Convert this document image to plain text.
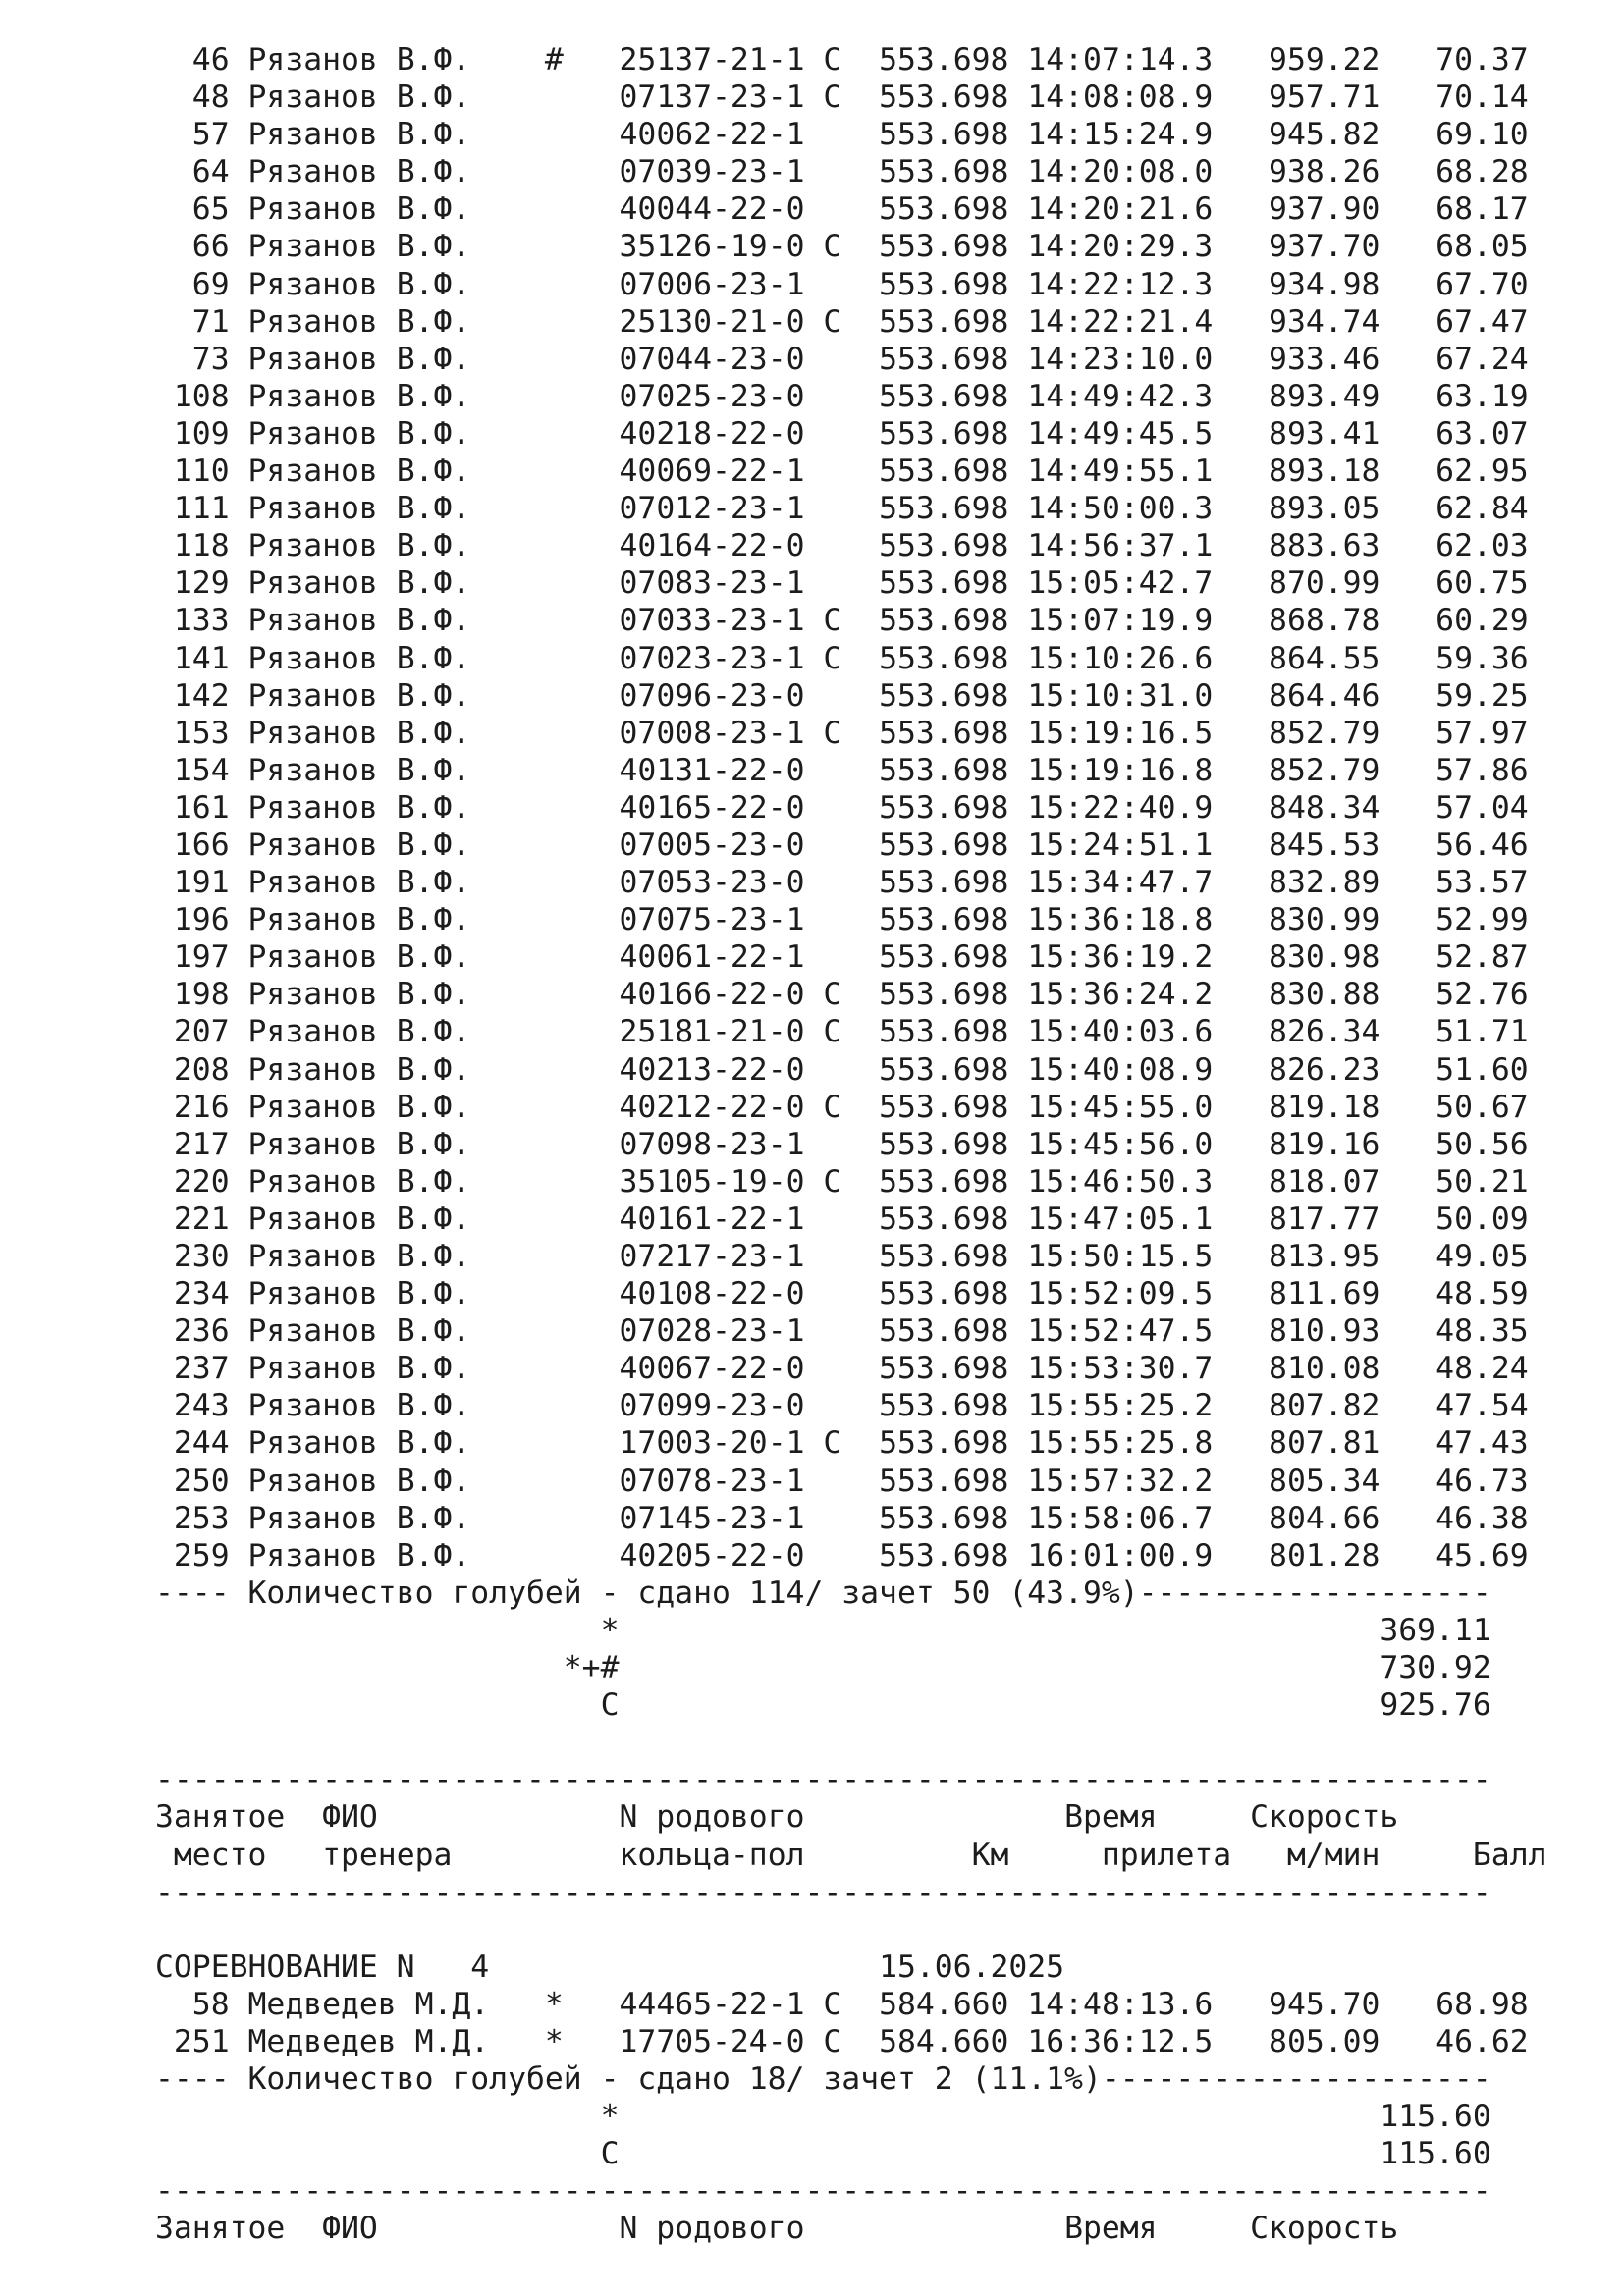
46 Рязанов В.Ф.    #   25137-21-1 С  553.698 14:07:14.3   959.22   70.37
48 Рязанов В.Ф.        07137-23-1 С  553.698 14:08:08.9   957.71   70.14
57 Рязанов В.Ф.        40062-22-1    553.698 14:15:24.9   945.82   69.10
64 Рязанов В.Ф.        07039-23-1    553.698 14:20:08.0   938.26   68.28
65 Рязанов В.Ф.        40044-22-0    553.698 14:20:21.6   937.90   68.17
66 Рязанов В.Ф.        35126-19-0 С  553.698 14:20:29.3   937.70   68.05
69 Рязанов В.Ф.        07006-23-1    553.698 14:22:12.3   934.98   67.70
71 Рязанов В.Ф.        25130-21-0 С  553.698 14:22:21.4   934.74   67.47
73 Рязанов В.Ф.        07044-23-0    553.698 14:23:10.0   933.46   67.24
108 Рязанов В.Ф.        07025-23-0    553.698 14:49:42.3   893.49   63.19
109 Рязанов В.Ф.        40218-22-0    553.698 14:49:45.5   893.41   63.07
110 Рязанов В.Ф.        40069-22-1    553.698 14:49:55.1   893.18   62.95
111 Рязанов В.Ф.        07012-23-1    553.698 14:50:00.3   893.05   62.84
118 Рязанов В.Ф.        40164-22-0    553.698 14:56:37.1   883.63   62.03
129 Рязанов В.Ф.        07083-23-1    553.698 15:05:42.7   870.99   60.75
133 Рязанов В.Ф.        07033-23-1 С  553.698 15:07:19.9   868.78   60.29
141 Рязанов В.Ф.        07023-23-1 С  553.698 15:10:26.6   864.55   59.36
142 Рязанов В.Ф.        07096-23-0    553.698 15:10:31.0   864.46   59.25
153 Рязанов В.Ф.        07008-23-1 С  553.698 15:19:16.5   852.79   57.97
154 Рязанов В.Ф.        40131-22-0    553.698 15:19:16.8   852.79   57.86
161 Рязанов В.Ф.        40165-22-0    553.698 15:22:40.9   848.34   57.04
166 Рязанов В.Ф.        07005-23-0    553.698 15:24:51.1   845.53   56.46
191 Рязанов В.Ф.        07053-23-0    553.698 15:34:47.7   832.89   53.57
196 Рязанов В.Ф.        07075-23-1    553.698 15:36:18.8   830.99   52.99
197 Рязанов В.Ф.        40061-22-1    553.698 15:36:19.2   830.98   52.87
198 Рязанов В.Ф.        40166-22-0 С  553.698 15:36:24.2   830.88   52.76
207 Рязанов В.Ф.        25181-21-0 С  553.698 15:40:03.6   826.34   51.71
208 Рязанов В.Ф.        40213-22-0    553.698 15:40:08.9   826.23   51.60
216 Рязанов В.Ф.        40212-22-0 С  553.698 15:45:55.0   819.18   50.67
217 Рязанов В.Ф.        07098-23-1    553.698 15:45:56.0   819.16   50.56
220 Рязанов В.Ф.        35105-19-0 С  553.698 15:46:50.3   818.07   50.21
221 Рязанов В.Ф.        40161-22-1    553.698 15:47:05.1   817.77   50.09
230 Рязанов В.Ф.        07217-23-1    553.698 15:50:15.5   813.95   49.05
234 Рязанов В.Ф.        40108-22-0    553.698 15:52:09.5   811.69   48.59
236 Рязанов В.Ф.        07028-23-1    553.698 15:52:47.5   810.93   48.35
237 Рязанов В.Ф.        40067-22-0    553.698 15:53:30.7   810.08   48.24
243 Рязанов В.Ф.        07099-23-0    553.698 15:55:25.2   807.82   47.54
244 Рязанов В.Ф.        17003-20-1 С  553.698 15:55:25.8   807.81   47.43
250 Рязанов В.Ф.        07078-23-1    553.698 15:57:32.2   805.34   46.73
253 Рязанов В.Ф.        07145-23-1    553.698 15:58:06.7   804.66   46.38
259 Рязанов В.Ф.        40205-22-0    553.698 16:01:00.9   801.28   45.69
---- Количество голубей - сдано 114/ зачет 50 (43.9%)-------------------
*                                         369.11
*+#                                         730.92
С                                         925.76

------------------------------------------------------------------------
Занятое  ФИО             N родового	Время     Скорость
место   тренера         кольца-пол         Км	прилета м/мин	Балл
------------------------------------------------------------------------

СОРЕВНОВАНИЕ N   4	15.06.2025
58 Медведев М.Д.   *   44465-22-1 С  584.660 14:48:13.6   945.70   68.98
251 Медведев М.Д.   *   17705-24-0 С  584.660 16:36:12.5   805.09   46.62
---- Количество голубей - сдано 18/ зачет 2 (11.1%)---------------------
*                                         115.60
С                                         115.60
------------------------------------------------------------------------
Занятое  ФИО             N родового	Время     Скорость
